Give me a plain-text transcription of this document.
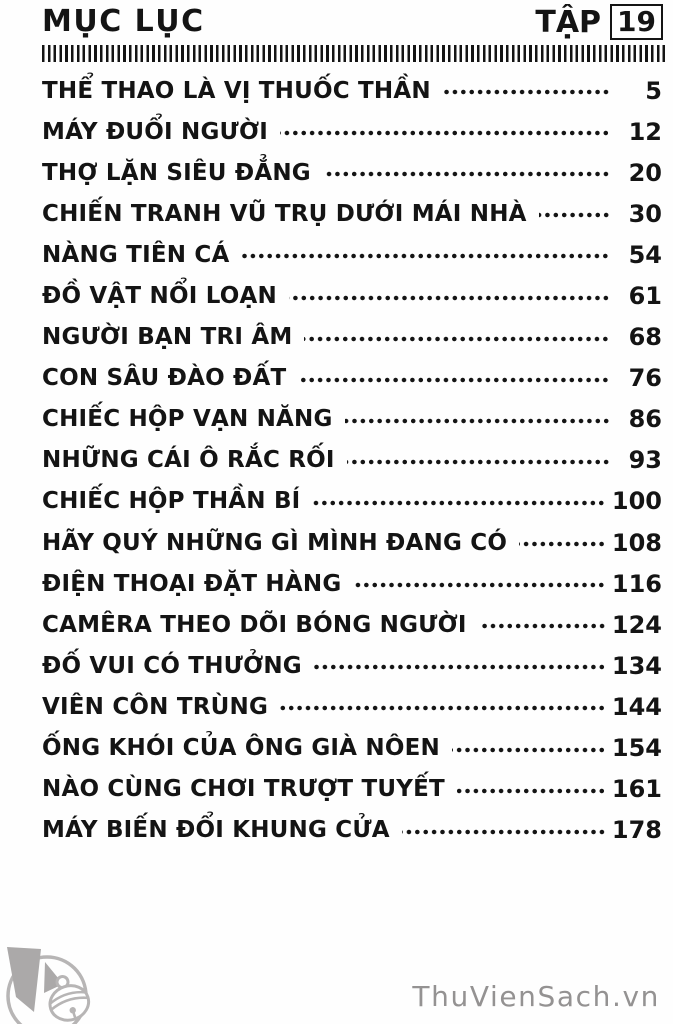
MỤC LỤC	TẬP 19
THỂ THAO LÀ VỊ THUỐC THẦN	5
MÁY ĐUỔI NGƯỜI	12
THỢ LẶN SIÊU ĐẲNG	20
CHIẾN TRANH VŨ TRỤ DƯỚI MÁI NHÀ	30
NÀNG TIÊN CÁ	54
ĐỒ VẬT NỔI LOẠN	61
NGƯỜI BẠN TRI ÂM	68
CON SÂU ĐÀO ĐẤT	76
CHIẾC HỘP VẠN NĂNG	86
NHỮNG CÁI Ô RẮC RỐI	93
CHIẾC HỘP THẦN BÍ	100
HÃY QUÝ NHỮNG GÌ MÌNH ĐANG CÓ	108
ĐIỆN THOẠI ĐẶT HÀNG	116
CAMÊRA THEO DÕI BÓNG NGƯỜI	124
ĐỐ VUI CÓ THƯỞNG	134
VIÊN CÔN TRÙNG	144
ỐNG KHÓI CỦA ÔNG GIÀ NÔEN	154
NÀO CÙNG CHƠI TRƯỢT TUYẾT	161
MÁY BIẾN ĐỔI KHUNG CỬA	178
ThuVienSach.vn
